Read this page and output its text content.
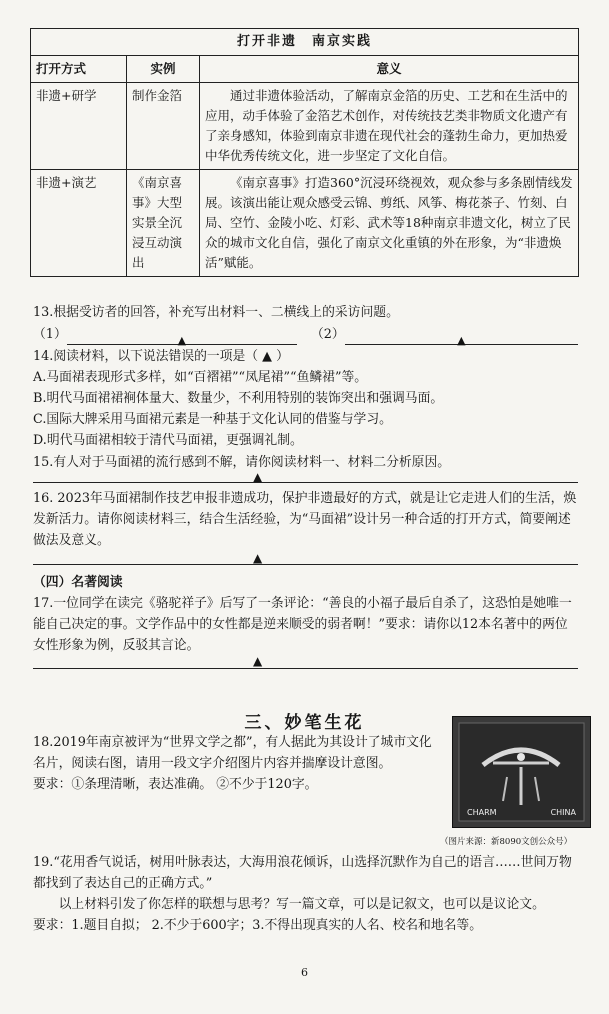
打开非遗　南京实践		
打开方式	实例	意义
非遗+研学	制作金箔	通过非遗体验活动，了解南京金箔的历史、工艺和在生活中的应用，动手体验了金箔艺术创作，对传统技艺类非物质文化遗产有了亲身感知，体验到南京非遗在现代社会的蓬勃生命力，更加热爱中华优秀传统文化，进一步坚定了文化自信。
非遗+演艺	《南京喜事》大型实景全沉浸互动演出	《南京喜事》打造360°沉浸环绕视效，观众参与多条剧情线发展。该演出能让观众感受云锦、剪纸、风筝、梅花茶子、竹刻、白局、空竹、金陵小吃、灯彩、武术等18种南京非遗文化，树立了民众的城市文化自信，强化了南京文化重镇的外在形象，为“非遗焕活”赋能。

13.根据受访者的回答，补充写出材料一、二横线上的采访问题。

（1）	▲	（2）	▲

14.阅读材料，以下说法错误的一项是（ ▲ ）

A.马面裙表现形式多样，如“百褶裙”“凤尾裙”“鱼鳞裙”等。

B.明代马面裙裙裥体量大、数量少，不利用特别的装饰突出和强调马面。

C.国际大牌采用马面裙元素是一种基于文化认同的借鉴与学习。

D.明代马面裙相较于清代马面裙，更强调礼制。

15.有人对于马面裙的流行感到不解，请你阅读材料一、材料二分析原因。

▲

16. 2023年马面裙制作技艺申报非遗成功，保护非遗最好的方式，就是让它走进人们的生活，焕发新活力。请你阅读材料三，结合生活经验，为“马面裙”设计另一种合适的打开方式，简要阐述做法及意义。

▲

（四）名著阅读

17.一位同学在读完《骆驼祥子》后写了一条评论：“善良的小福子最后自杀了，这恐怕是她唯一能自己决定的事。文学作品中的女性都是逆来顺受的弱者啊！”要求：请你以12本名著中的两位女性形象为例，反驳其言论。

▲
三、妙笔生花

18.2019年南京被评为“世界文学之都”，有人据此为其设计了城市文化名片，阅读右图，请用一段文字介绍图片内容并揣摩设计意图。

要求：①条理清晰，表达准确。 ②不少于120字。

CHARM	CHINA
（图片来源：新8090文创公众号）

19.“花用香气说话，树用叶脉表达，大海用浪花倾诉，山选择沉默作为自己的语言……世间万物都找到了表达自己的正确方式。”

以上材料引发了你怎样的联想与思考？写一篇文章，可以是记叙文，也可以是议论文。

要求：1.题目自拟； 2.不少于600字；3.不得出现真实的人名、校名和地名等。

6
